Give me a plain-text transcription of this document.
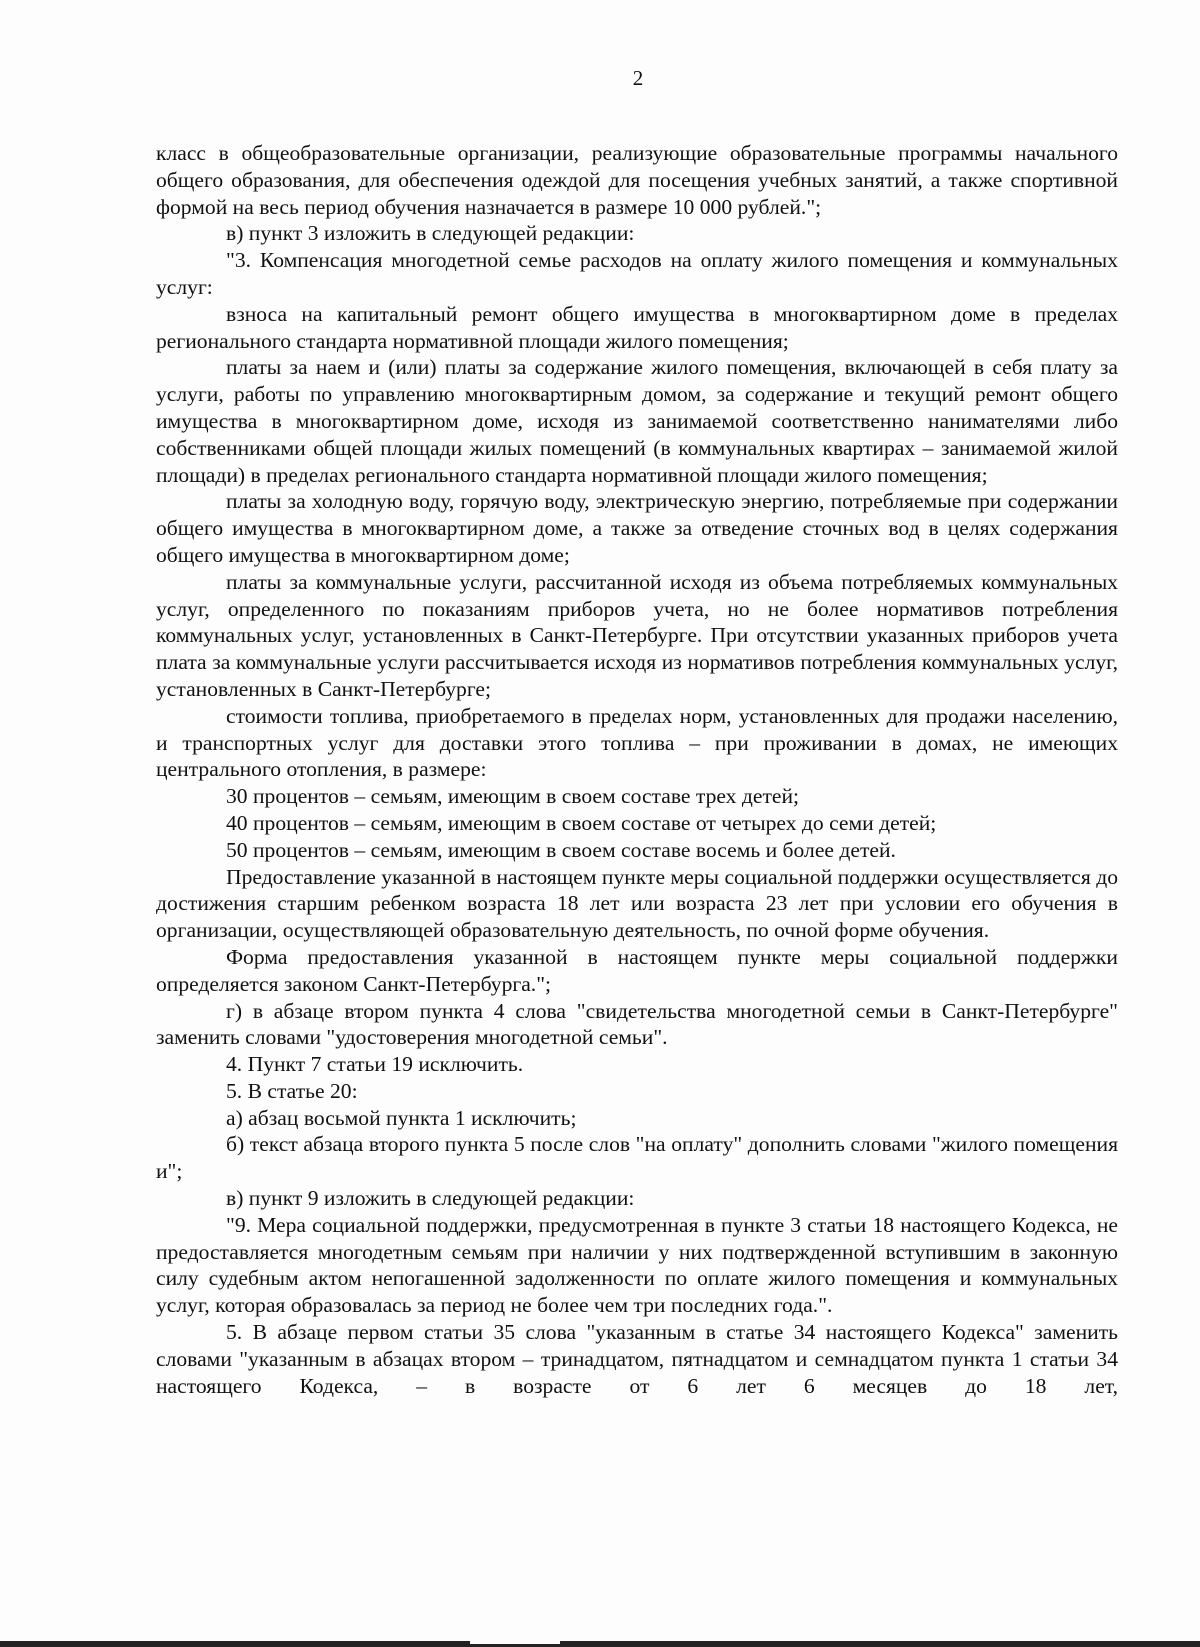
2

класс в общеобразовательные организации, реализующие образовательные программы начального общего образования, для обеспечения одеждой для посещения учебных занятий, а также спортивной формой на весь период обучения назначается в размере 10 000 рублей.";

в) пункт 3 изложить в следующей редакции:

"3. Компенсация многодетной семье расходов на оплату жилого помещения и коммунальных услуг:

взноса на капитальный ремонт общего имущества в многоквартирном доме в пределах регионального стандарта нормативной площади жилого помещения;

платы за наем и (или) платы за содержание жилого помещения, включающей в себя плату за услуги, работы по управлению многоквартирным домом, за содержание и текущий ремонт общего имущества в многоквартирном доме, исходя из занимаемой соответственно нанимателями либо собственниками общей площади жилых помещений (в коммунальных квартирах – занимаемой жилой площади) в пределах регионального стандарта нормативной площади жилого помещения;

платы за холодную воду, горячую воду, электрическую энергию, потребляемые при содержании общего имущества в многоквартирном доме, а также за отведение сточных вод в целях содержания общего имущества в многоквартирном доме;

платы за коммунальные услуги, рассчитанной исходя из объема потребляемых коммунальных услуг, определенного по показаниям приборов учета, но не более нормативов потребления коммунальных услуг, установленных в Санкт-Петербурге. При отсутствии указанных приборов учета плата за коммунальные услуги рассчитывается исходя из нормативов потребления коммунальных услуг, установленных в Санкт-Петербурге;

стоимости топлива, приобретаемого в пределах норм, установленных для продажи населению, и транспортных услуг для доставки этого топлива – при проживании в домах, не имеющих центрального отопления, в размере:

30 процентов – семьям, имеющим в своем составе трех детей;

40 процентов – семьям, имеющим в своем составе от четырех до семи детей;

50 процентов – семьям, имеющим в своем составе восемь и более детей.

Предоставление указанной в настоящем пункте меры социальной поддержки осуществляется до достижения старшим ребенком возраста 18 лет или возраста 23 лет при условии его обучения в организации, осуществляющей образовательную деятельность, по очной форме обучения.

Форма предоставления указанной в настоящем пункте меры социальной поддержки определяется законом Санкт-Петербурга.";

г) в абзаце втором пункта 4 слова "свидетельства многодетной семьи в Санкт-Петербурге" заменить словами "удостоверения многодетной семьи".

4. Пункт 7 статьи 19 исключить.

5. В статье 20:

а) абзац восьмой пункта 1 исключить;

б) текст абзаца второго пункта 5 после слов "на оплату" дополнить словами "жилого помещения и";

в) пункт 9 изложить в следующей редакции:

"9. Мера социальной поддержки, предусмотренная в пункте 3 статьи 18 настоящего Кодекса, не предоставляется многодетным семьям при наличии у них подтвержденной вступившим в законную силу судебным актом непогашенной задолженности по оплате жилого помещения и коммунальных услуг, которая образовалась за период не более чем три последних года.".

5. В абзаце первом статьи 35 слова "указанным в статье 34 настоящего Кодекса" заменить словами "указанным в абзацах втором – тринадцатом, пятнадцатом и семнадцатом пункта 1 статьи 34 настоящего Кодекса, – в возрасте от 6 лет 6 месяцев до 18 лет,
